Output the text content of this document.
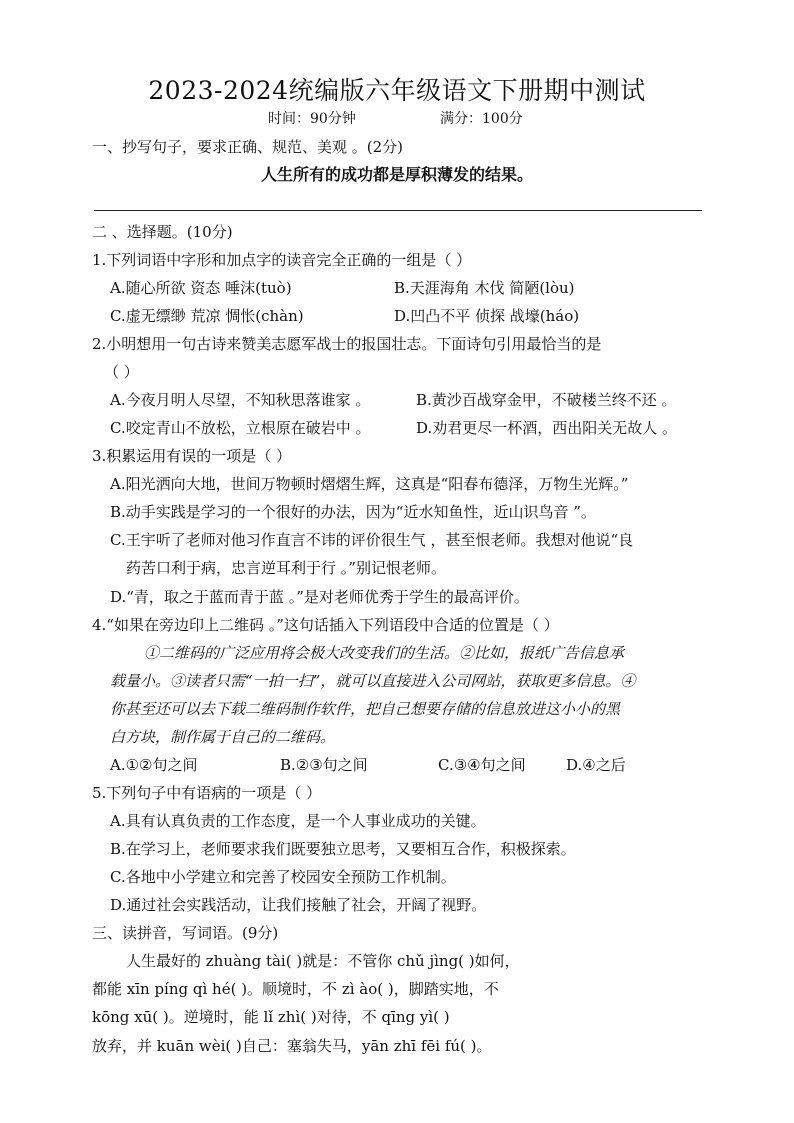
2023-2024统编版六年级语文下册期中测试
时间：90分钟	满分：100分
一、抄写句子，要求正确、规范、美观 。(2分)
人生所有的成功都是厚积薄发的结果。
二 、选择题。(10分)
1.下列词语中字形和加点字的读音完全正确的一组是（ ）
A.随心所欲 资态 唾沫(tuò)	B.天涯海角 木伐 简陋(lòu)
C.虚无缥缈 荒凉 惆怅(chàn)	D.凹凸不平 侦探 战壕(háo)
2.小明想用一句古诗来赞美志愿军战士的报国壮志。下面诗句引用最恰当的是
（ ）
A.今夜月明人尽望，不知秋思落谁家 。	B.黄沙百战穿金甲，不破楼兰终不还 。
C.咬定青山不放松，立根原在破岩中 。	D.劝君更尽一杯酒，西出阳关无故人 。
3.积累运用有误的一项是（ ）
A.阳光洒向大地，世间万物顿时熠熠生辉，这真是“阳春布德泽，万物生光辉。”
B.动手实践是学习的一个很好的办法，因为“近水知鱼性，近山识鸟音 ”。
C.王宇听了老师对他习作直言不讳的评价很生气 ，甚至恨老师。我想对他说“良
药苦口利于病，忠言逆耳利于行 。”别记恨老师。
D.“青，取之于蓝而青于蓝 。”是对老师优秀于学生的最高评价。
4.“如果在旁边印上二维码 。”这句话插入下列语段中合适的位置是（ ）
①二维码的广泛应用将会极大改变我们的生活。②比如，报纸广告信息承
载量小。③读者只需“一拍一扫”，就可以直接进入公司网站，获取更多信息。④
你甚至还可以去下载二维码制作软件，把自己想要存储的信息放进这小小的黑
白方块，制作属于自己的二维码。
A.①②句之间	B.②③句之间	C.③④句之间	D.④之后
5.下列句子中有语病的一项是（ ）
A.具有认真负责的工作态度，是一个人事业成功的关键。
B.在学习上，老师要求我们既要独立思考，又要相互合作，积极探索。
C.各地中小学建立和完善了校园安全预防工作机制。
D.通过社会实践活动，让我们接触了社会，开阔了视野。
三、读拼音，写词语。(9分)
人生最好的 zhuàng tài( )就是：不管你 chǔ jìng( )如何，
都能 xīn píng qì hé( )。顺境时，不 zì ào( )，脚踏实地，不
kōng xū( )。逆境时，能 lǐ zhì( )对待，不 qīng yì( )
放弃，并 kuān wèi( )自己：塞翁失马，yān zhī fēi fú( )。
